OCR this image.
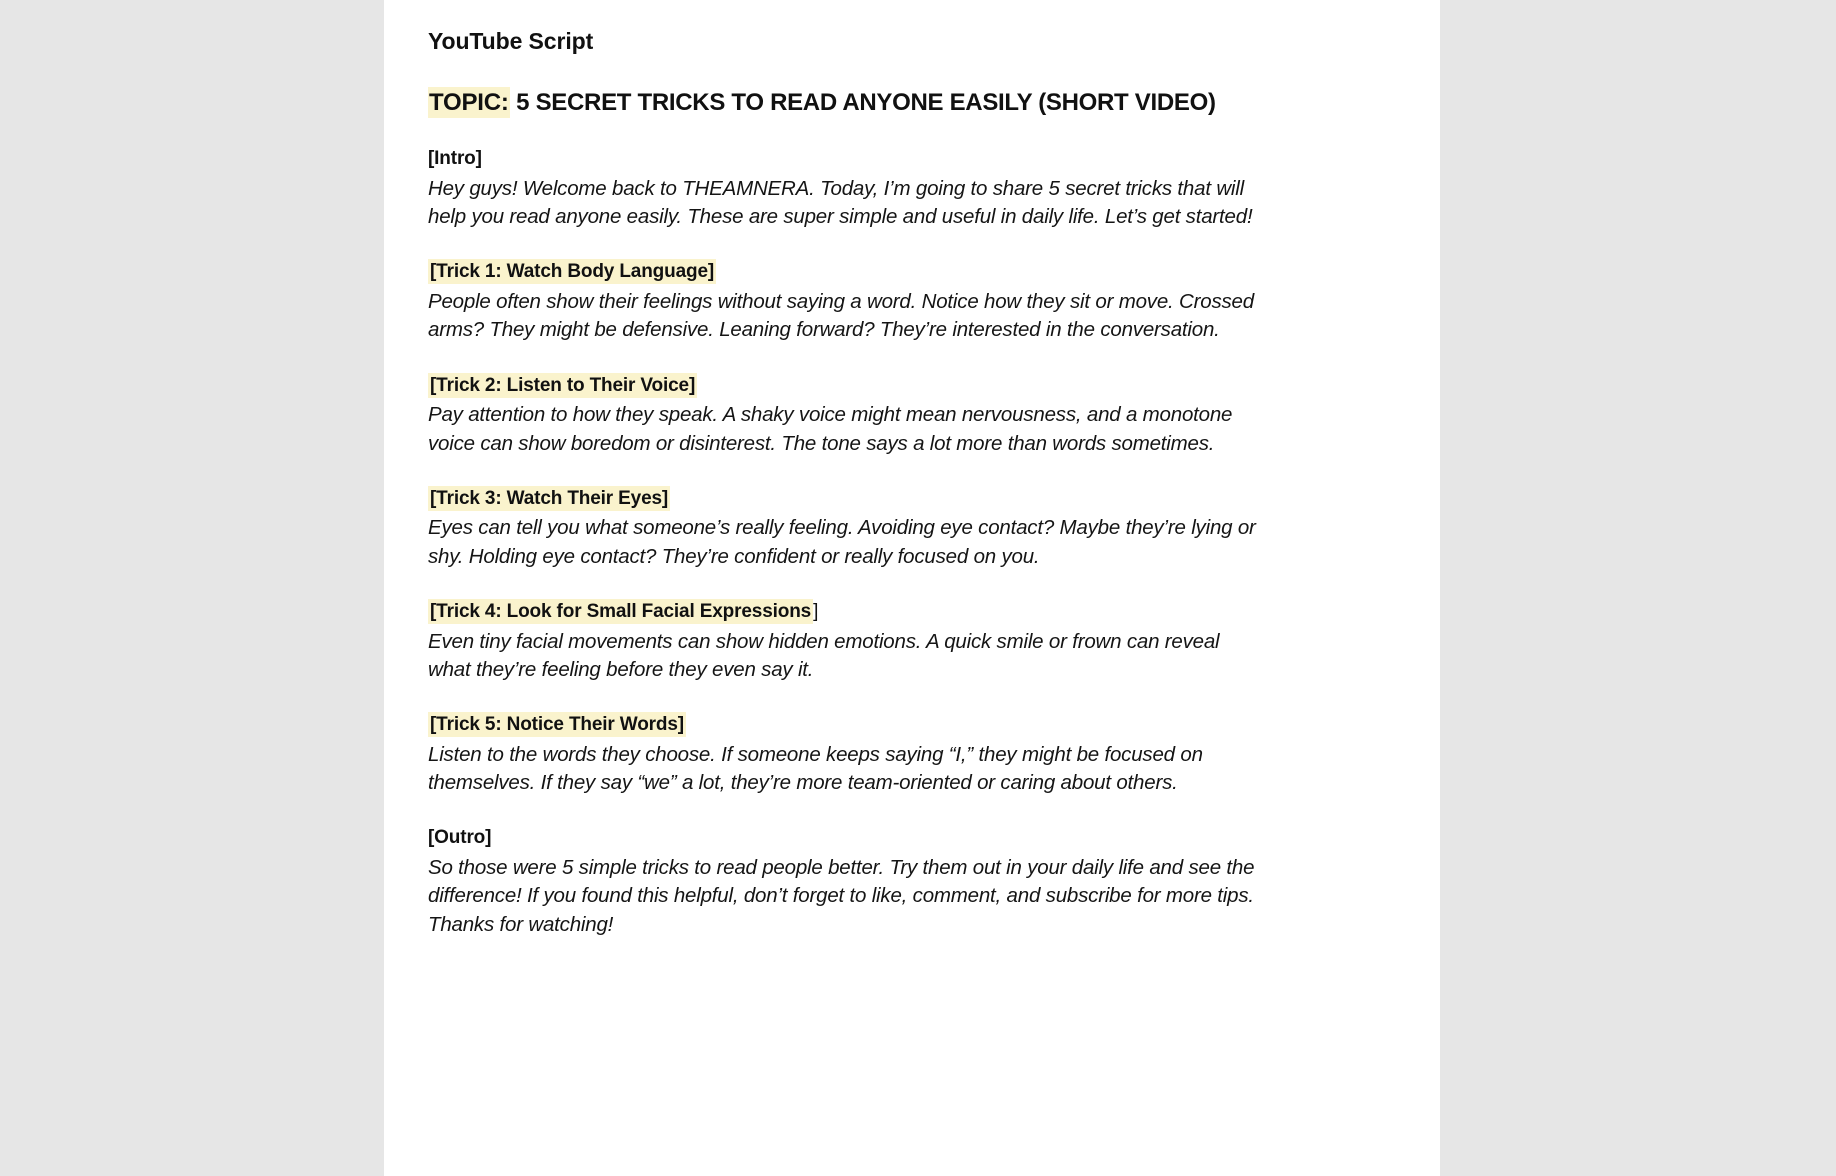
YouTube Script
TOPIC: 5 SECRET TRICKS TO READ ANYONE EASILY (SHORT VIDEO)
[Intro]
Hey guys! Welcome back to THEAMNERA. Today, I’m going to share 5 secret tricks that will help you read anyone easily. These are super simple and useful in daily life. Let’s get started!
[Trick 1: Watch Body Language]
People often show their feelings without saying a word. Notice how they sit or move. Crossed arms? They might be defensive. Leaning forward? They’re interested in the conversation.
[Trick 2: Listen to Their Voice]
Pay attention to how they speak. A shaky voice might mean nervousness, and a monotone voice can show boredom or disinterest. The tone says a lot more than words sometimes.
[Trick 3: Watch Their Eyes]
Eyes can tell you what someone’s really feeling. Avoiding eye contact? Maybe they’re lying or shy. Holding eye contact? They’re confident or really focused on you.
[Trick 4: Look for Small Facial Expressions ]
Even tiny facial movements can show hidden emotions. A quick smile or frown can reveal what they’re feeling before they even say it.
[Trick 5: Notice Their Words]
Listen to the words they choose. If someone keeps saying “I,” they might be focused on themselves. If they say “we” a lot, they’re more team-oriented or caring about others.
[Outro]
So those were 5 simple tricks to read people better. Try them out in your daily life and see the difference! If you found this helpful, don’t forget to like, comment, and subscribe for more tips. Thanks for watching!
